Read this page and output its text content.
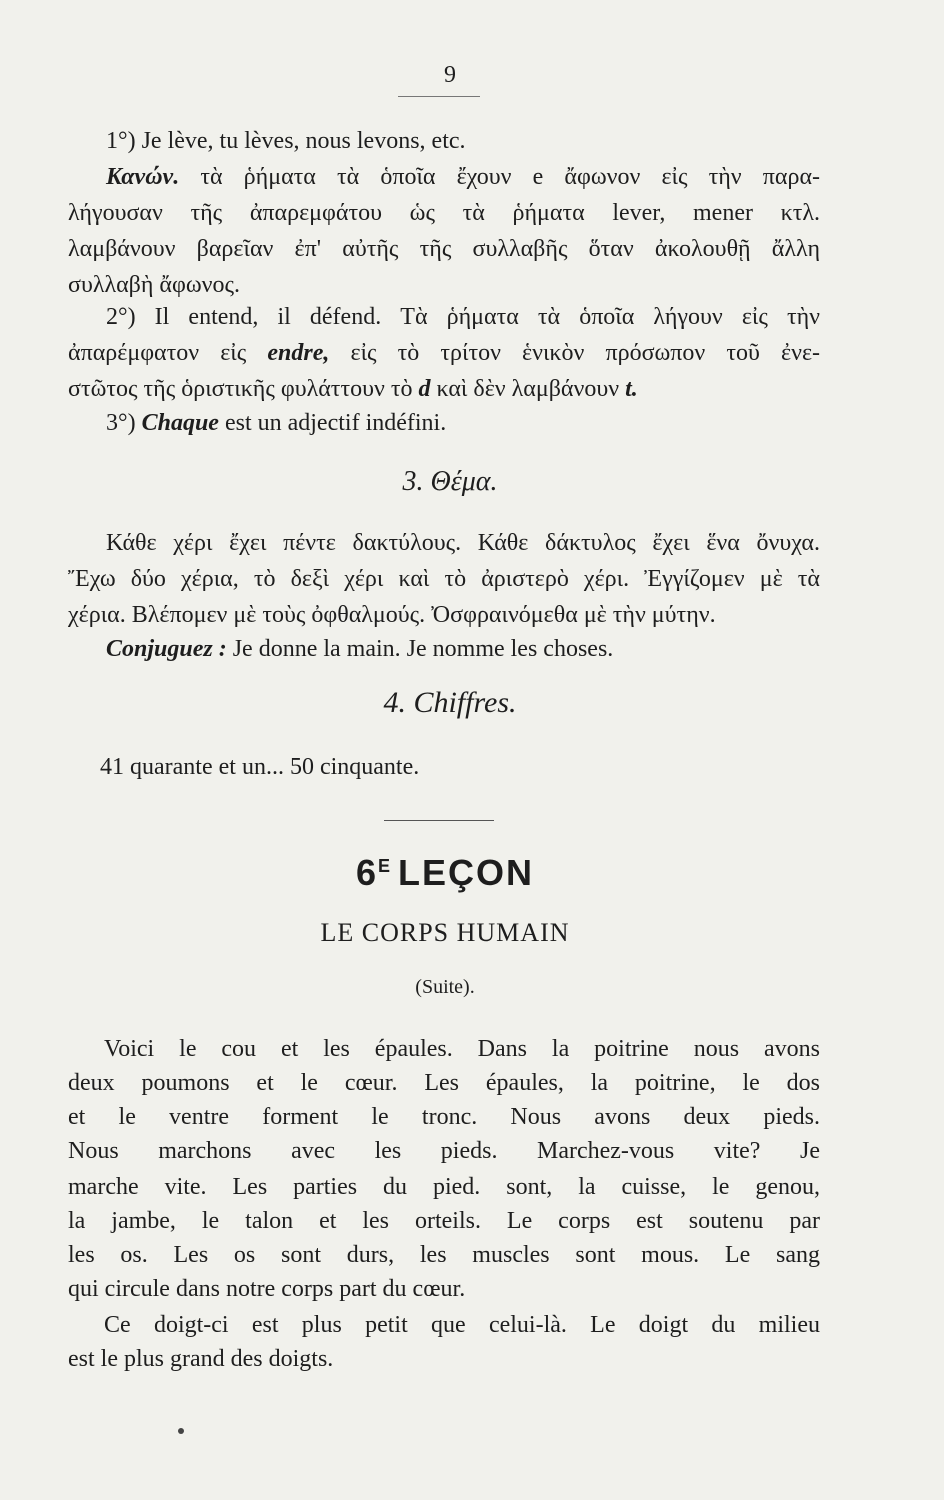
9
1°) Je lève, tu lèves, nous levons, etc.
Κανών. τὰ ῥήματα τὰ ὁποῖα ἔχουν e ἄφωνον εἰς τὴν παρα-
λήγουσαν τῆς ἀπαρεμφάτου ὡς τὰ ῥήματα lever, mener κτλ.
λαμβάνουν βαρεῖαν ἐπ' αὐτῆς τῆς συλλαβῆς ὅταν ἀκολουθῇ ἄλλη
συλλαβὴ ἄφωνος.
2°) Il entend, il défend. Τὰ ῥήματα τὰ ὁποῖα λήγουν εἰς τὴν
ἀπαρέμφατον εἰς endre, εἰς τὸ τρίτον ἑνικὸν πρόσωπον τοῦ ἐνε-
στῶτος τῆς ὁριστικῆς φυλάττουν τὸ d καὶ δὲν λαμβάνουν t.
3°) Chaque est un adjectif indéfini.
3. Θέμα.
Κάθε χέρι ἔχει πέντε δακτύλους. Κάθε δάκτυλος ἔχει ἕνα ὄνυχα.
Ἔχω δύο χέρια, τὸ δεξὶ χέρι καὶ τὸ ἀριστερὸ χέρι. Ἐγγίζομεν μὲ τὰ
χέρια. Βλέπομεν μὲ τοὺς ὀφθαλμούς. Ὀσφραινόμεθα μὲ τὴν μύτην.
Conjuguez : Je donne la main. Je nomme les choses.
4. Chiffres.
41 quarante et un... 50 cinquante.
$6^E$ LEÇON
LE CORPS HUMAIN
(Suite).
Voici le cou et les épaules. Dans la poitrine nous avons
deux poumons et le cœur. Les épaules, la poitrine, le dos
et le ventre forment le tronc. Nous avons deux pieds.
Nous marchons avec les pieds. Marchez-vous vite? Je
marche vite. Les parties du pied. sont, la cuisse, le genou,
la jambe, le talon et les orteils. Le corps est soutenu par
les os. Les os sont durs, les muscles sont mous. Le sang
qui circule dans notre corps part du cœur.
Ce doigt-ci est plus petit que celui-là. Le doigt du milieu
est le plus grand des doigts.
